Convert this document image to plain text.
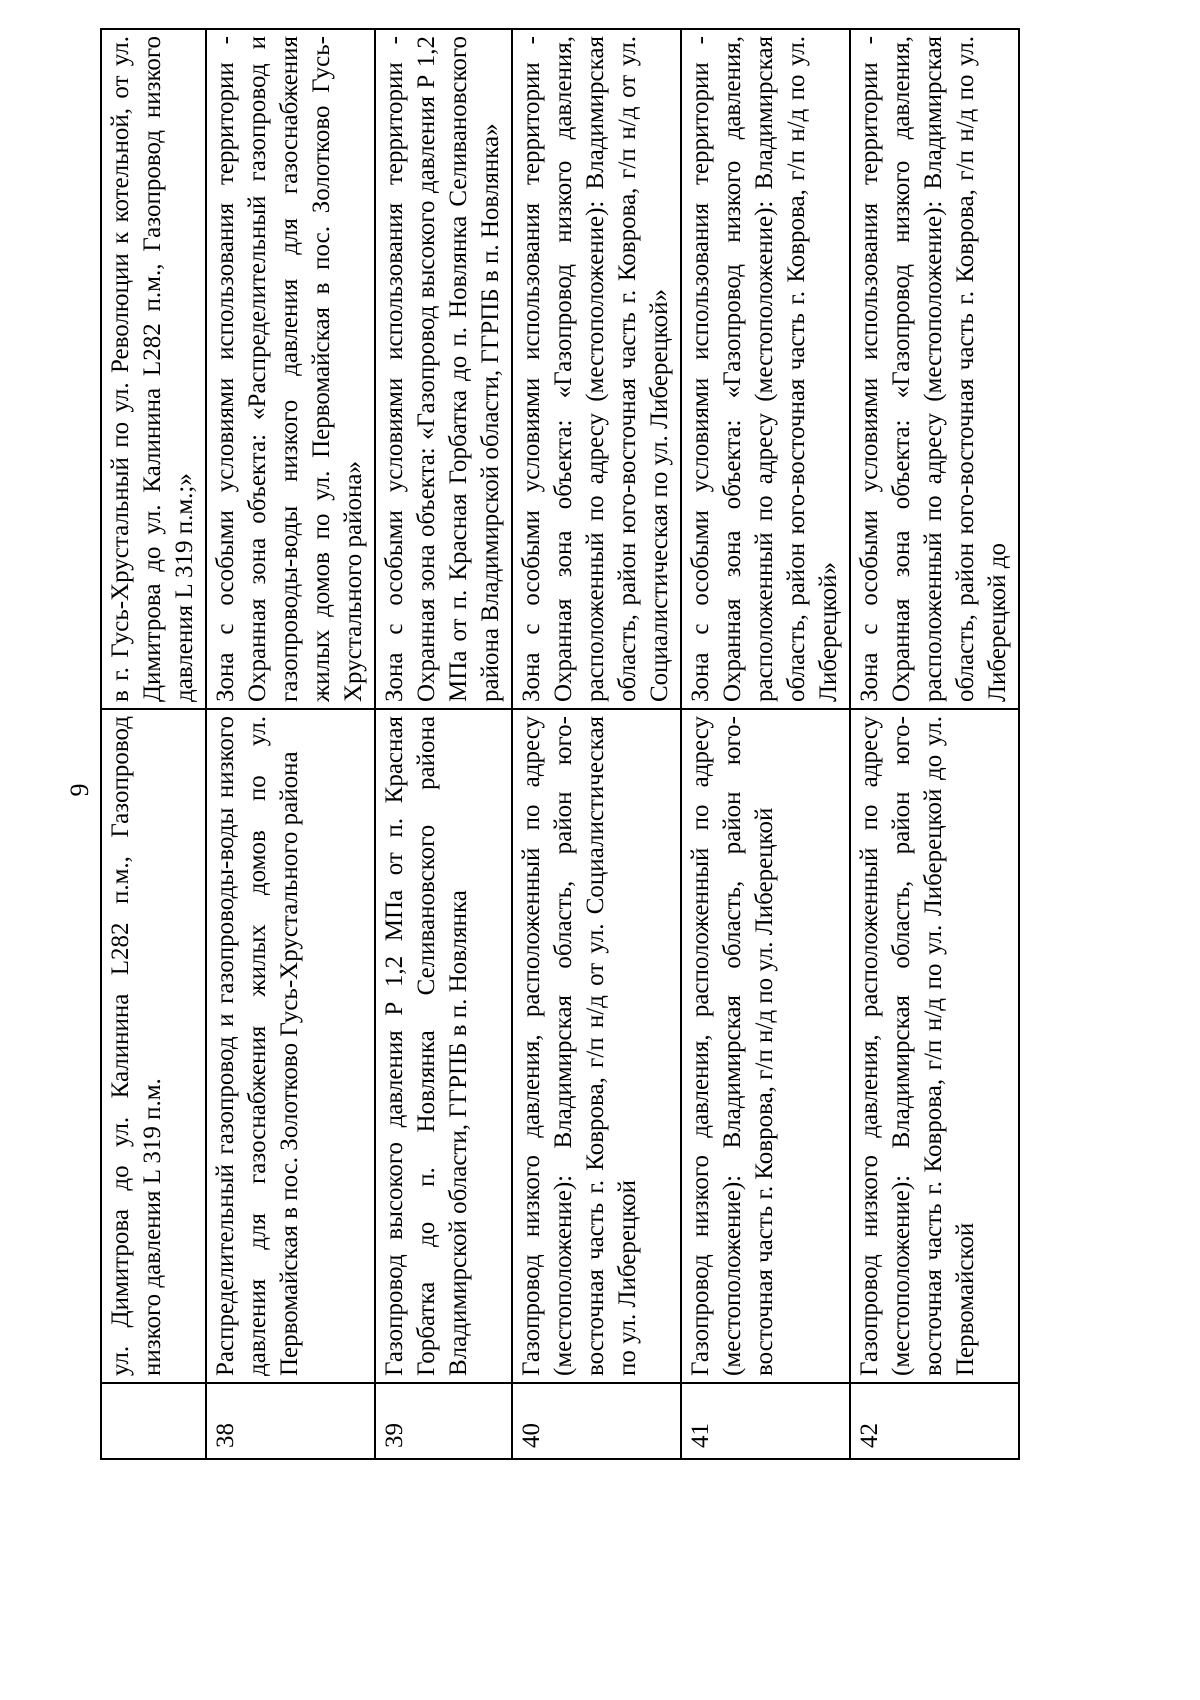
9
	ул. Димитрова до ул. Калинина L282 п.м., Газопровод низкого давления L 319 п.м.	в г. Гусь-Хрустальный по ул. Революции к котельной, от ул. Димитрова до ул. Калинина L282 п.м., Газопровод низкого давления L 319 п.м.;»
38	Распределительный газопровод и газопроводы-воды низкого давления для газоснабжения жилых домов по ул. Первомайская в пос. Золотково Гусь-Хрустального района	Зона с особыми условиями использования территории - Охранная зона объекта: «Распределительный газопровод и газопроводы-воды низкого давления для газоснабжения жилых домов по ул. Первомайская в пос. Золотково Гусь-Хрустального района»
39	Газопровод высокого давления Р 1,2 МПа от п. Красная Горбатка до п. Новлянка Селивановского района Владимирской области, ГГРПБ в п. Новлянка	Зона с особыми условиями использования территории - Охранная зона объекта: «Газопровод высокого давления Р 1,2 МПа от п. Красная Горбатка до п. Новлянка Селивановского района Владимирской области, ГГРПБ в п. Новлянка»
40	Газопровод низкого давления, расположенный по адресу (местоположение): Владимирская область, район юго-восточная часть г. Коврова, г/п н/д от ул. Социалистическая по ул. Либерецкой	Зона с особыми условиями использования территории - Охранная зона объекта: «Газопровод низкого давления, расположенный по адресу (местоположение): Владимирская область, район юго-восточная часть г. Коврова, г/п н/д от ул. Социалистическая по ул. Либерецкой»
41	Газопровод низкого давления, расположенный по адресу (местоположение): Владимирская область, район юго-восточная часть г. Коврова, г/п н/д по ул. Либерецкой	Зона с особыми условиями использования территории - Охранная зона объекта: «Газопровод низкого давления, расположенный по адресу (местоположение): Владимирская область, район юго-восточная часть г. Коврова, г/п н/д по ул. Либерецкой»
42	Газопровод низкого давления, расположенный по адресу (местоположение): Владимирская область, район юго-восточная часть г. Коврова, г/п н/д по ул. Либерецкой до ул. Первомайской	Зона с особыми условиями использования территории - Охранная зона объекта: «Газопровод низкого давления, расположенный по адресу (местоположение): Владимирская область, район юго-восточная часть г. Коврова, г/п н/д по ул. Либерецкой до
